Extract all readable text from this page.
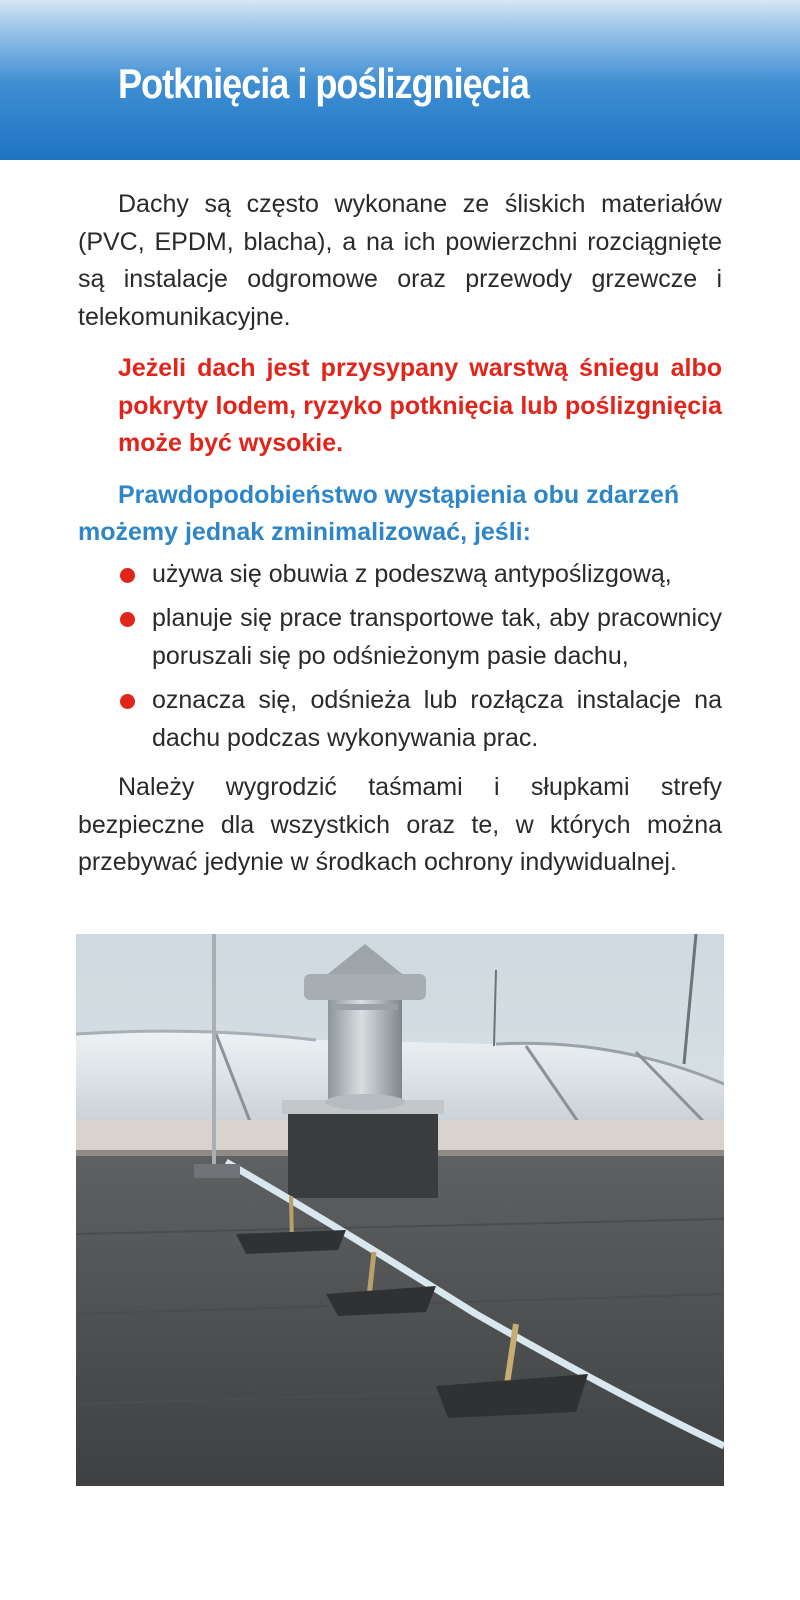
Potknięcia i poślizgnięcia

Dachy są często wykonane ze śliskich materiałów (PVC, EPDM, blacha), a na ich powierzchni rozciągnięte są instalacje odgromowe oraz przewody grzewcze i telekomunikacyjne.

Jeżeli dach jest przysypany warstwą śniegu albo pokryty lodem, ryzyko potknięcia lub poślizgnięcia może być wysokie.

Prawdopodobieństwo wystąpienia obu zdarzeń możemy jednak zminimalizować, jeśli:

używa się obuwia z podeszwą antypoślizgową,
planuje się prace transportowe tak, aby pracownicy poruszali się po odśnieżonym pasie dachu,
oznacza się, odśnieża lub rozłącza instalacje na dachu podczas wykonywania prac.

Należy wygrodzić taśmami i słupkami strefy bezpieczne dla wszystkich oraz te, w których można przebywać jedynie w środkach ochrony indywidualnej.
